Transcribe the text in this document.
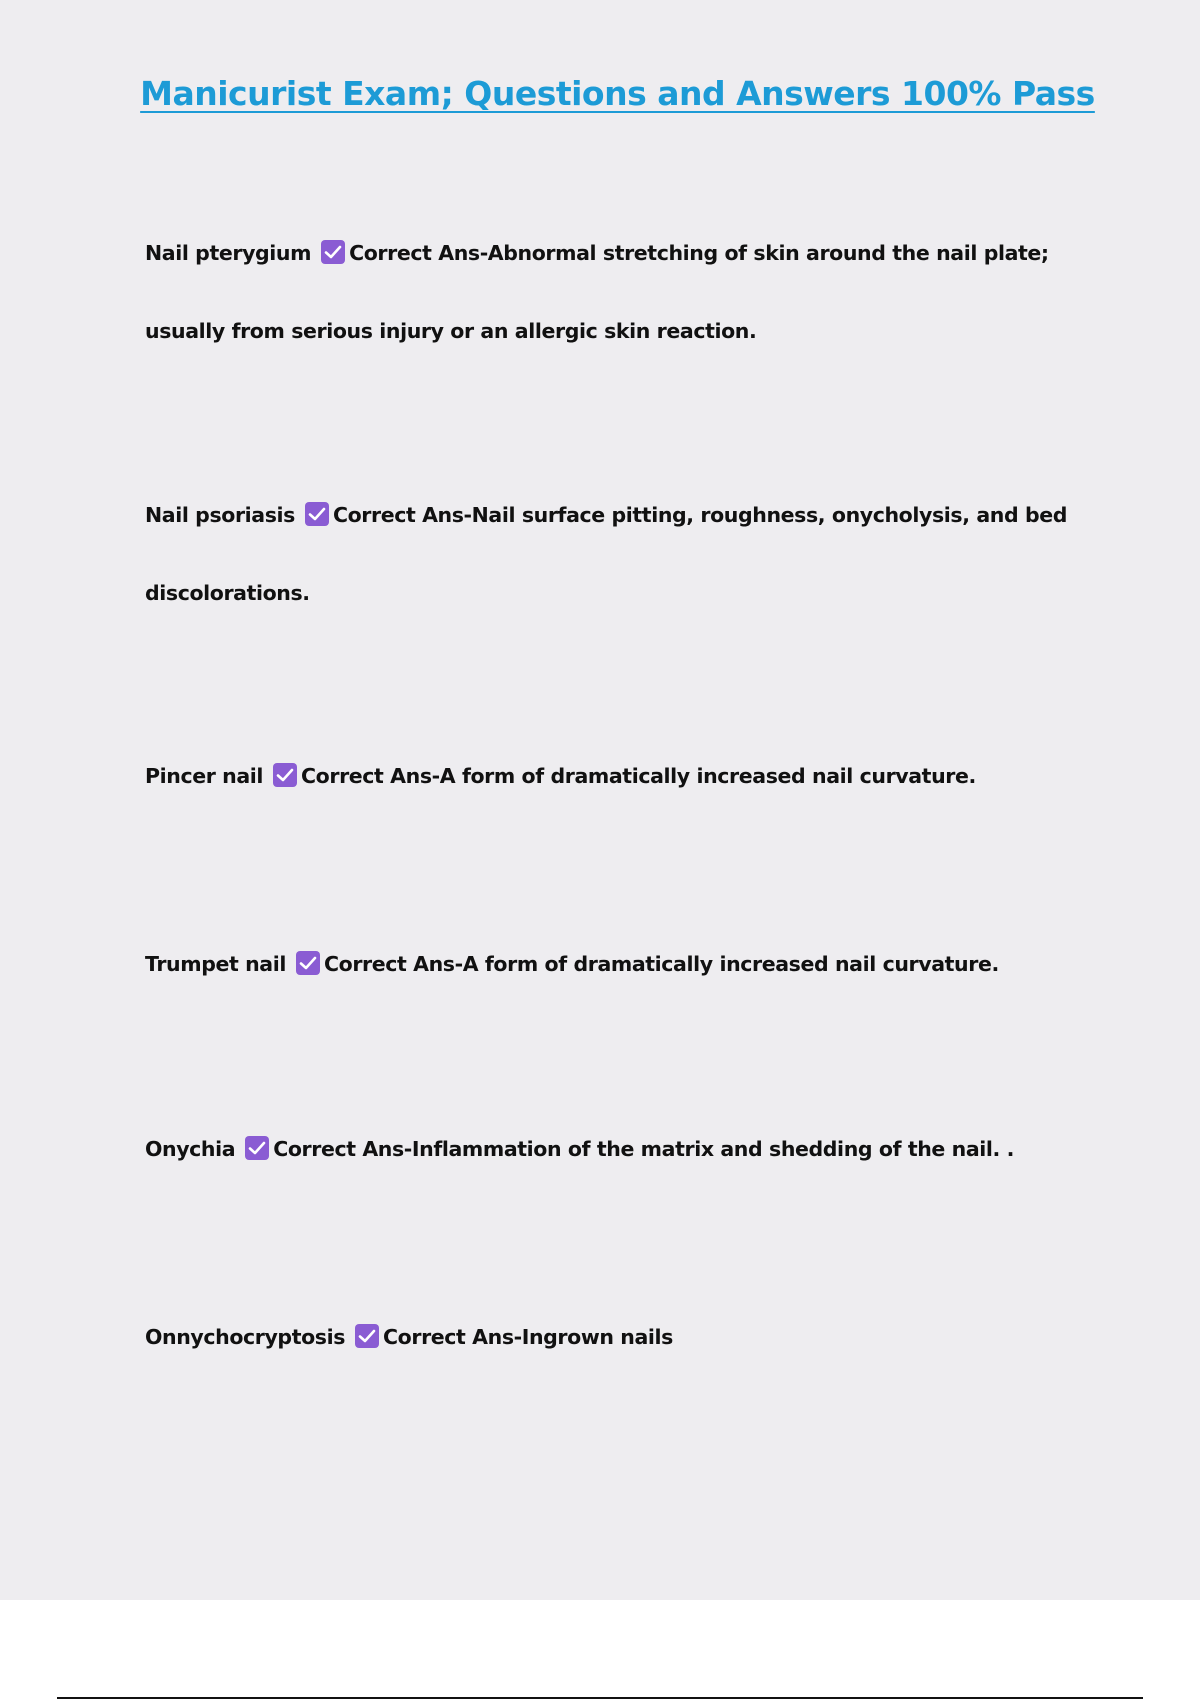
Manicurist Exam; Questions and Answers 100% Pass

Nail pterygium Correct Ans-Abnormal stretching of skin around the nail plate; usually from serious injury or an allergic skin reaction.

Nail psoriasis Correct Ans-Nail surface pitting, roughness, onycholysis, and bed discolorations.

Pincer nail Correct Ans-A form of dramatically increased nail curvature.

Trumpet nail Correct Ans-A form of dramatically increased nail curvature.

Onychia Correct Ans-Inflammation of the matrix and shedding of the nail. .

Onnychocryptosis Correct Ans-Ingrown nails
